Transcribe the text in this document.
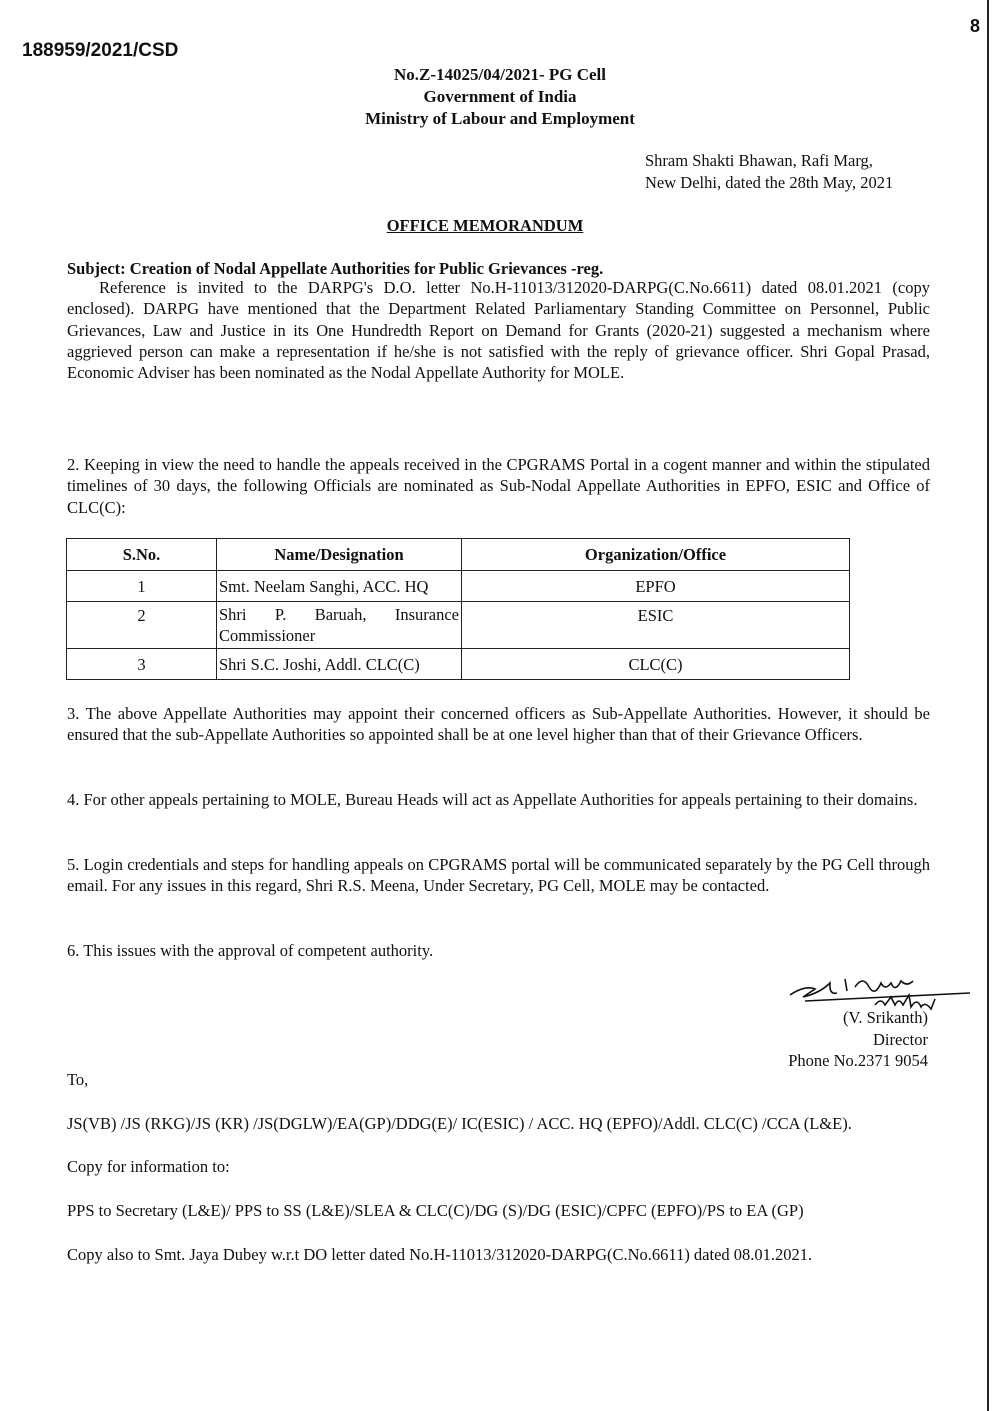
188959/2021/CSD
8
No.Z-14025/04/2021- PG Cell
Government of India
Ministry of Labour and Employment
Shram Shakti Bhawan, Rafi Marg,
New Delhi, dated the 28th May, 2021
OFFICE MEMORANDUM
Subject: Creation of Nodal Appellate Authorities for Public Grievances -reg.
Reference is invited to the DARPG's D.O. letter No.H-11013/312020-DARPG(C.No.6611) dated 08.01.2021 (copy enclosed). DARPG have mentioned that the Department Related Parliamentary Standing Committee on Personnel, Public Grievances, Law and Justice in its One Hundredth Report on Demand for Grants (2020-21) suggested a mechanism where aggrieved person can make a representation if he/she is not satisfied with the reply of grievance officer. Shri Gopal Prasad, Economic Adviser has been nominated as the Nodal Appellate Authority for MOLE.
2. Keeping in view the need to handle the appeals received in the CPGRAMS Portal in a cogent manner and within the stipulated timelines of 30 days, the following Officials are nominated as Sub-Nodal Appellate Authorities in EPFO, ESIC and Office of CLC(C):
S.No.	Name/Designation	Organization/Office
1	Smt. Neelam Sanghi, ACC. HQ	EPFO
2	Shri P. Baruah, Insurance Commissioner	ESIC
3	Shri S.C. Joshi, Addl. CLC(C)	CLC(C)
3. The above Appellate Authorities may appoint their concerned officers as Sub-Appellate Authorities. However, it should be ensured that the sub-Appellate Authorities so appointed shall be at one level higher than that of their Grievance Officers.
4. For other appeals pertaining to MOLE, Bureau Heads will act as Appellate Authorities for appeals pertaining to their domains.
5. Login credentials and steps for handling appeals on CPGRAMS portal will be communicated separately by the PG Cell through email. For any issues in this regard, Shri R.S. Meena, Under Secretary, PG Cell, MOLE may be contacted.
6. This issues with the approval of competent authority.
(V. Srikanth)
Director
Phone No.2371 9054
To,
JS(VB) /JS (RKG)/JS (KR) /JS(DGLW)/EA(GP)/DDG(E)/ IC(ESIC) / ACC. HQ (EPFO)/Addl. CLC(C) /CCA (L&E).
Copy for information to:
PPS to Secretary (L&E)/ PPS to SS (L&E)/SLEA & CLC(C)/DG (S)/DG (ESIC)/CPFC (EPFO)/PS to EA (GP)
Copy also to Smt. Jaya Dubey w.r.t DO letter dated No.H-11013/312020-DARPG(C.No.6611) dated 08.01.2021.
